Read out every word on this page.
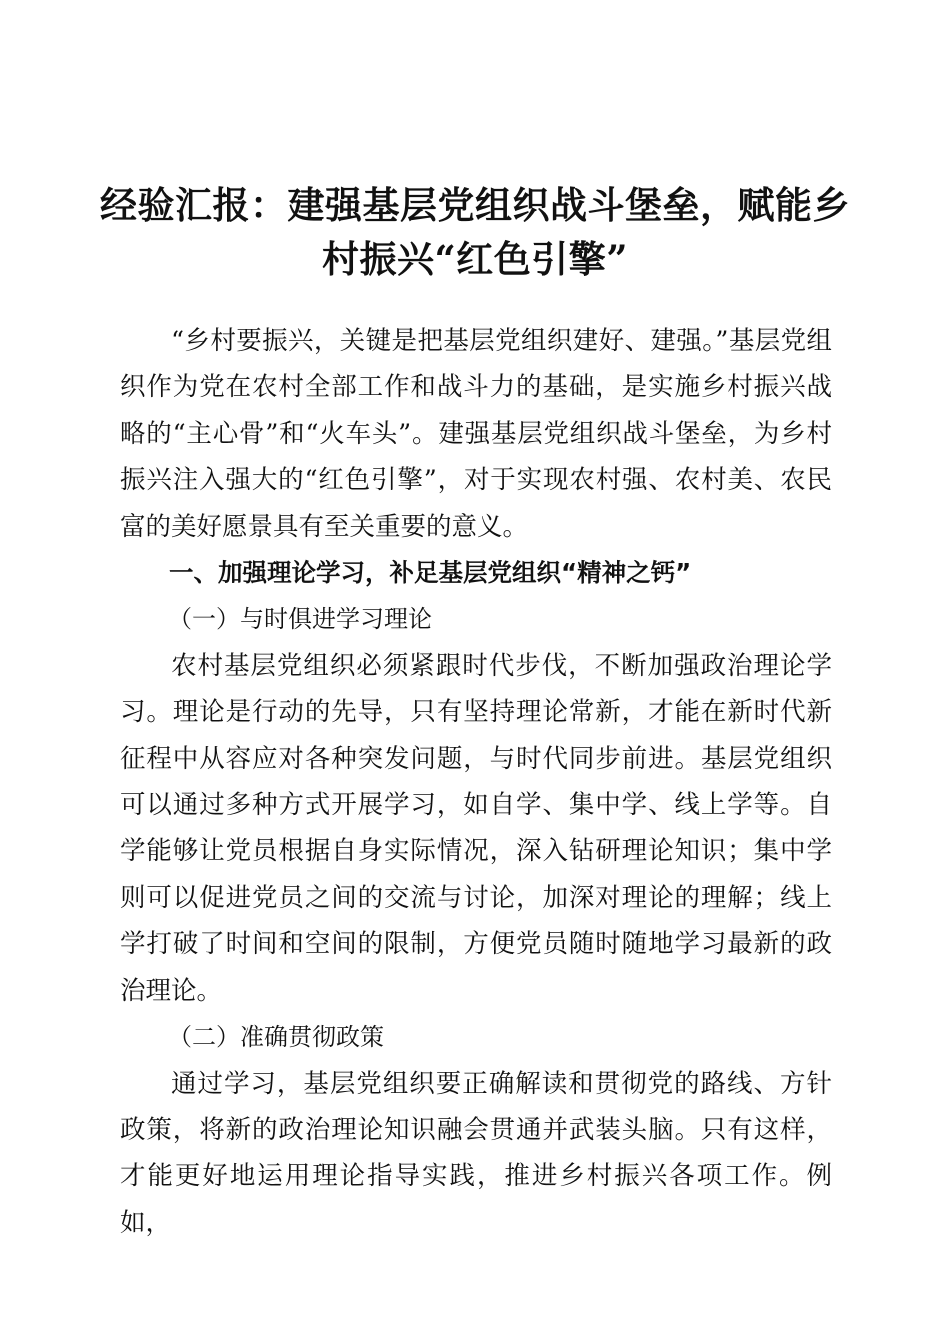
经验汇报：建强基层党组织战斗堡垒，赋能乡
村振兴“红色引擎”

“乡村要振兴，关键是把基层党组织建好、建强。”基层党组织作为党在农村全部工作和战斗力的基础，是实施乡村振兴战略的“主心骨”和“火车头”。建强基层党组织战斗堡垒，为乡村振兴注入强大的“红色引擎”，对于实现农村强、农村美、农民富的美好愿景具有至关重要的意义。

一、加强理论学习，补足基层党组织“精神之钙”
（一）与时俱进学习理论

农村基层党组织必须紧跟时代步伐，不断加强政治理论学习。理论是行动的先导，只有坚持理论常新，才能在新时代新征程中从容应对各种突发问题，与时代同步前进。基层党组织可以通过多种方式开展学习，如自学、集中学、线上学等。自学能够让党员根据自身实际情况，深入钻研理论知识；集中学则可以促进党员之间的交流与讨论，加深对理论的理解；线上学打破了时间和空间的限制，方便党员随时随地学习最新的政治理论。

（二）准确贯彻政策

通过学习，基层党组织要正确解读和贯彻党的路线、方针政策，将新的政治理论知识融会贯通并武装头脑。只有这样，才能更好地运用理论指导实践，推进乡村振兴各项工作。例如，
